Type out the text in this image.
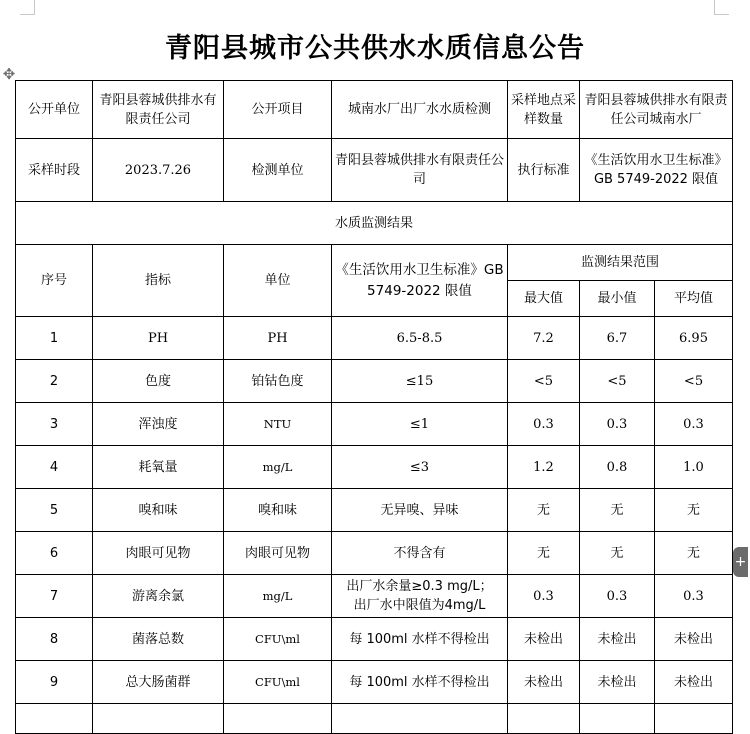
青阳县城市公共供水水质信息公告
✥
公开单位	青阳县蓉城供排水有限责任公司	公开项目	城南水厂出厂水水质检测	采样地点采样数量	青阳县蓉城供排水有限责任公司城南水厂	
采样时段	2023.7.26	检测单位	青阳县蓉城供排水有限责任公司	执行标准	《生活饮用水卫生标准》GB 5749-2022 限值	
水质监测结果						
序号	指标	单位	《生活饮用水卫生标准》GB 5749-2022 限值	监测结果范围		
				最大值	最小值	平均值
1	PH	PH	6.5-8.5	7.2	6.7	6.95
2	色度	铂钴色度	≤15	<5	<5	<5
3	浑浊度	NTU	≤1	0.3	0.3	0.3
4	耗氧量	mg/L	≤3	1.2	0.8	1.0
5	嗅和味	嗅和味	无异嗅、异味	无	无	无
6	肉眼可见物	肉眼可见物	不得含有	无	无	无
7	游离余氯	mg/L	出厂水余量≥0.3 mg/L；
出厂水中限值为4mg/L	0.3	0.3	0.3
8	菌落总数	CFU\ml	每 100ml 水样不得检出	未检出	未检出	未检出
9	总大肠菌群	CFU\ml	每 100ml 水样不得检出	未检出	未检出	未检出

+
